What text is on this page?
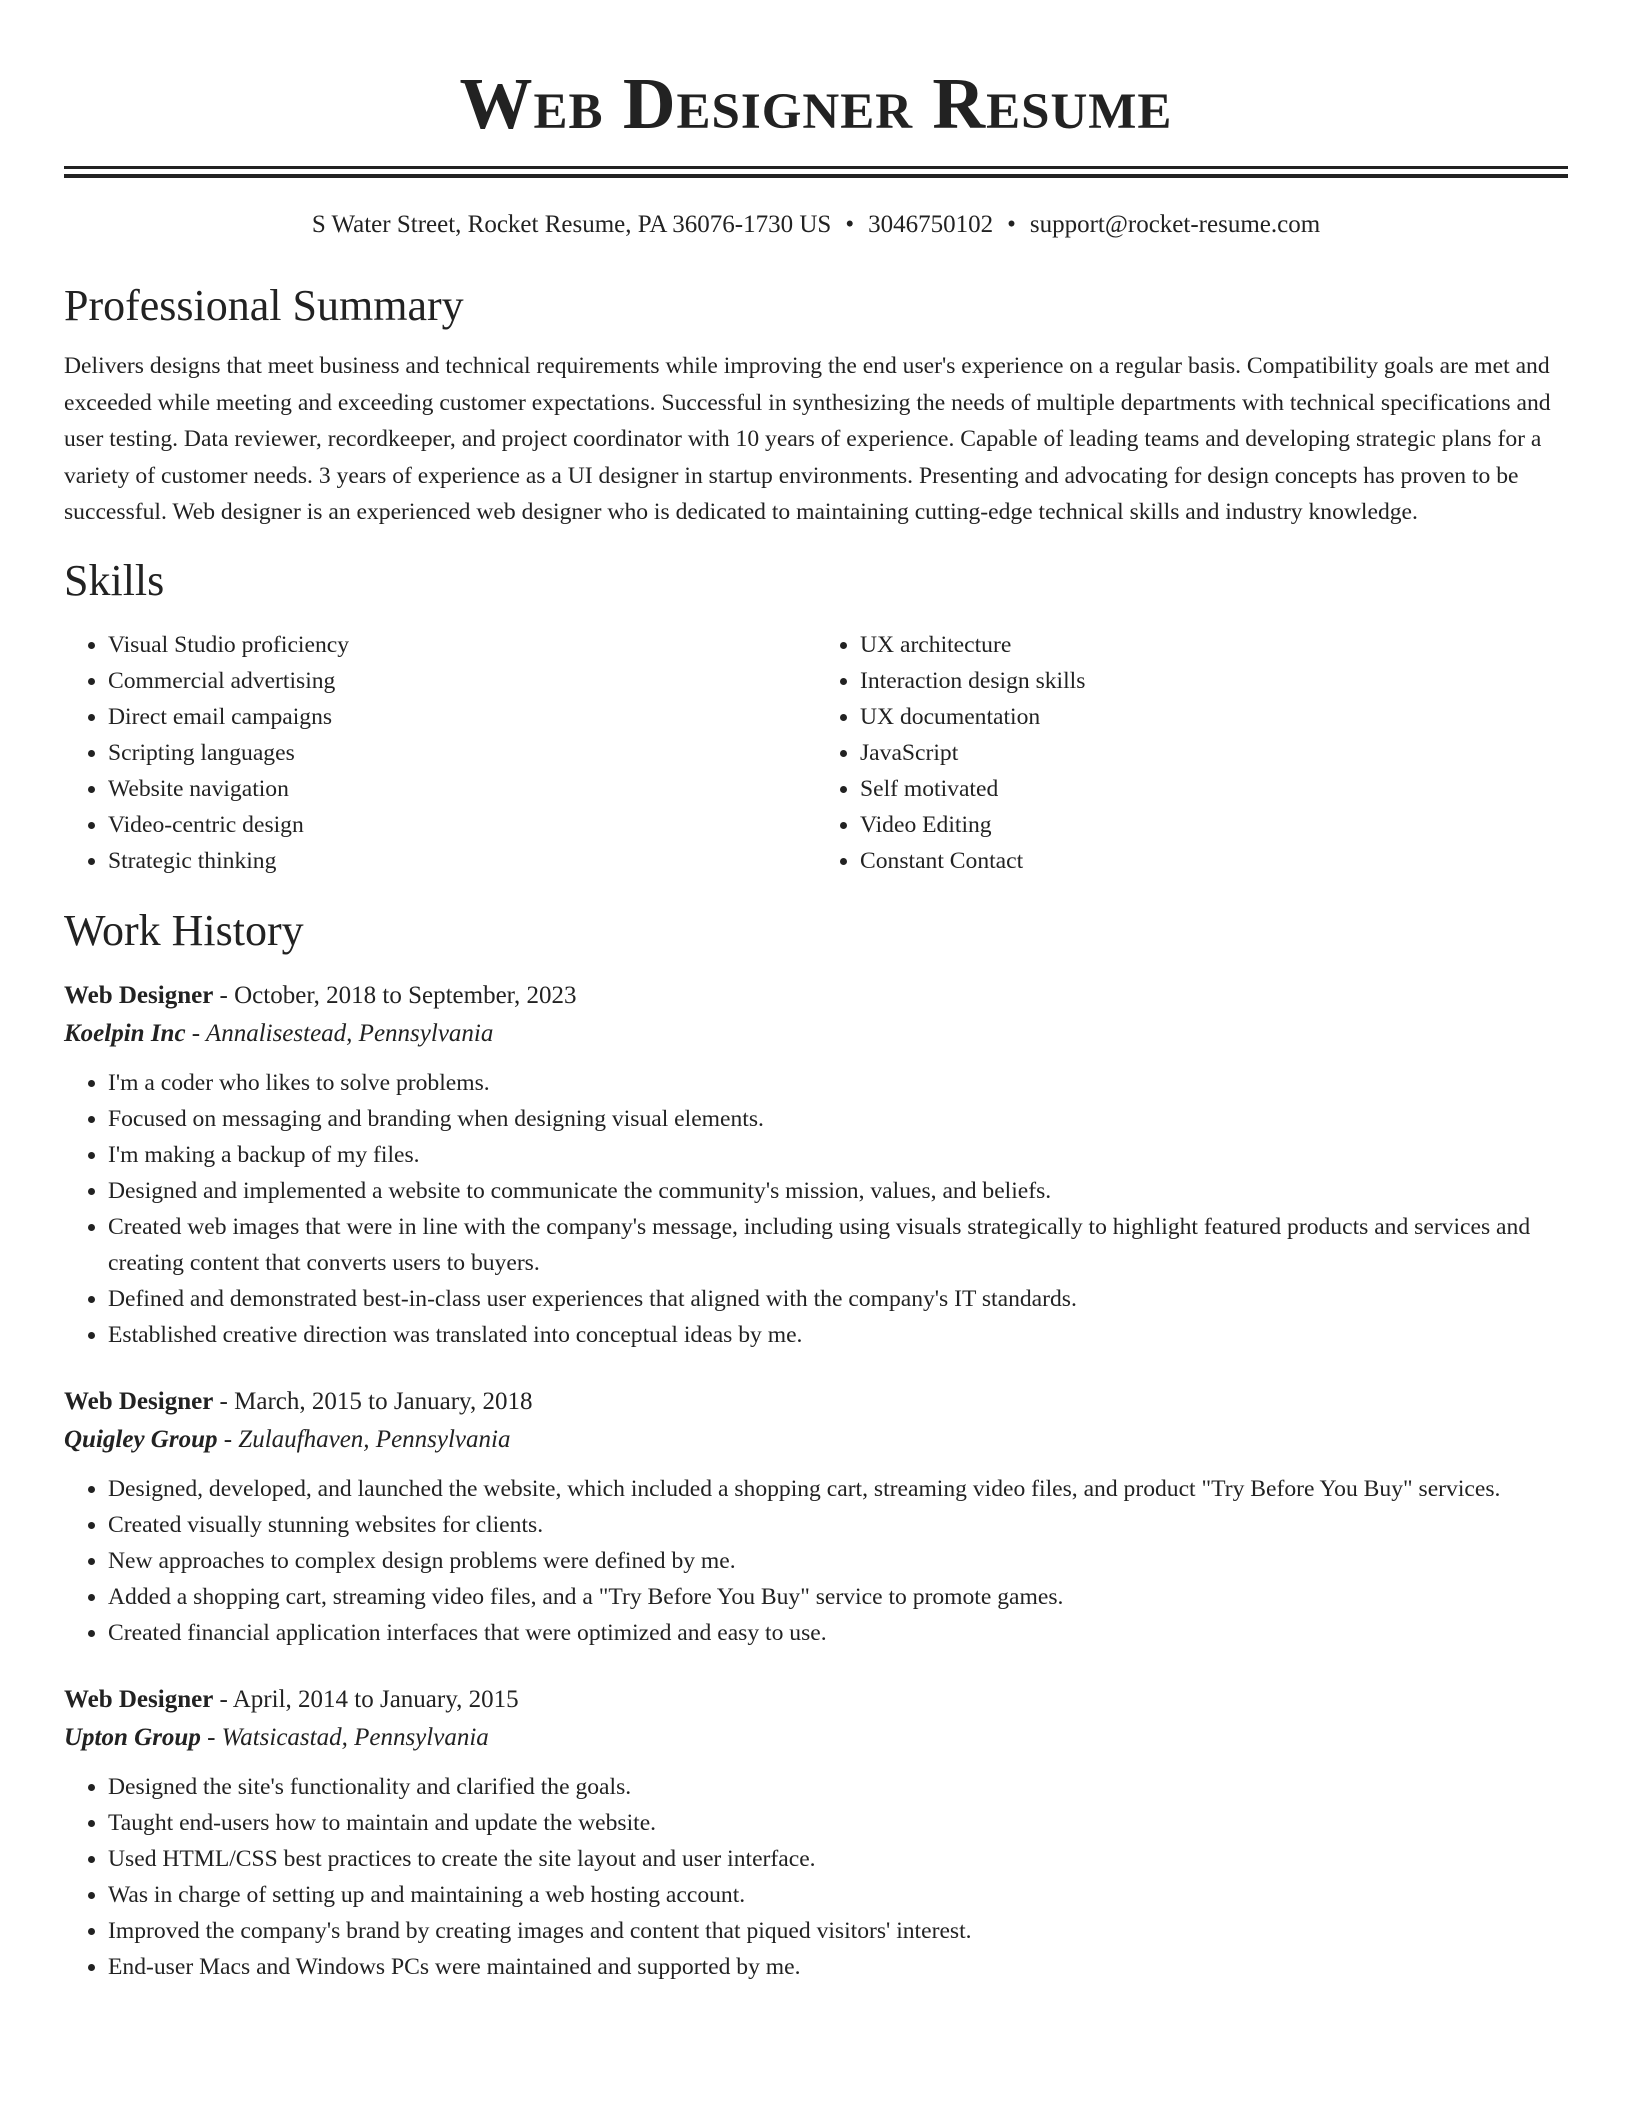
Web Designer Resume
S Water Street, Rocket Resume, PA 36076-1730 US • 3046750102 • support@rocket-resume.com
Professional Summary

Delivers designs that meet business and technical requirements while improving the end user's experience on a regular basis. Compatibility goals are met and exceeded while meeting and exceeding customer expectations. Successful in synthesizing the needs of multiple departments with technical specifications and user testing. Data reviewer, recordkeeper, and project coordinator with 10 years of experience. Capable of leading teams and developing strategic plans for a variety of customer needs. 3 years of experience as a UI designer in startup environments. Presenting and advocating for design concepts has proven to be successful. Web designer is an experienced web designer who is dedicated to maintaining cutting-edge technical skills and industry knowledge.

Skills
• Visual Studio proficiency
• Commercial advertising
• Direct email campaigns
• Scripting languages
• Website navigation
• Video-centric design
• Strategic thinking
• UX architecture
• Interaction design skills
• UX documentation
• JavaScript
• Self motivated
• Video Editing
• Constant Contact
Work History
Web Designer - October, 2018 to September, 2023
Koelpin Inc - Annalisestead, Pennsylvania
• I'm a coder who likes to solve problems.
• Focused on messaging and branding when designing visual elements.
• I'm making a backup of my files.
• Designed and implemented a website to communicate the community's mission, values, and beliefs.
• Created web images that were in line with the company's message, including using visuals strategically to highlight featured products and services and creating content that converts users to buyers.
• Defined and demonstrated best-in-class user experiences that aligned with the company's IT standards.
• Established creative direction was translated into conceptual ideas by me.
Web Designer - March, 2015 to January, 2018
Quigley Group - Zulaufhaven, Pennsylvania
• Designed, developed, and launched the website, which included a shopping cart, streaming video files, and product "Try Before You Buy" services.
• Created visually stunning websites for clients.
• New approaches to complex design problems were defined by me.
• Added a shopping cart, streaming video files, and a "Try Before You Buy" service to promote games.
• Created financial application interfaces that were optimized and easy to use.
Web Designer - April, 2014 to January, 2015
Upton Group - Watsicastad, Pennsylvania
• Designed the site's functionality and clarified the goals.
• Taught end-users how to maintain and update the website.
• Used HTML/CSS best practices to create the site layout and user interface.
• Was in charge of setting up and maintaining a web hosting account.
• Improved the company's brand by creating images and content that piqued visitors' interest.
• End-user Macs and Windows PCs were maintained and supported by me.
